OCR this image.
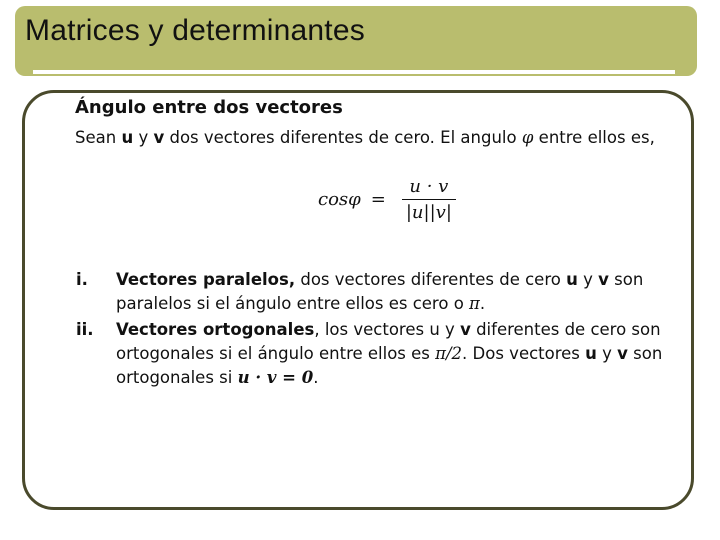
Matrices y determinantes
Ángulo entre dos vectores
Sean u y v dos vectores diferentes de cero. El angulo φ entre ellos es,
$\cos\varphi = \frac{u \cdot v}{|u||v|}$
i.	Vectores paralelos, dos vectores diferentes de cero u y v son paralelos si el ángulo entre ellos es cero o π.
ii.	Vectores ortogonales, los vectores u y v diferentes de cero son ortogonales si el ángulo entre ellos es π/2. Dos vectores u y v son ortogonales si u · v = 0.
